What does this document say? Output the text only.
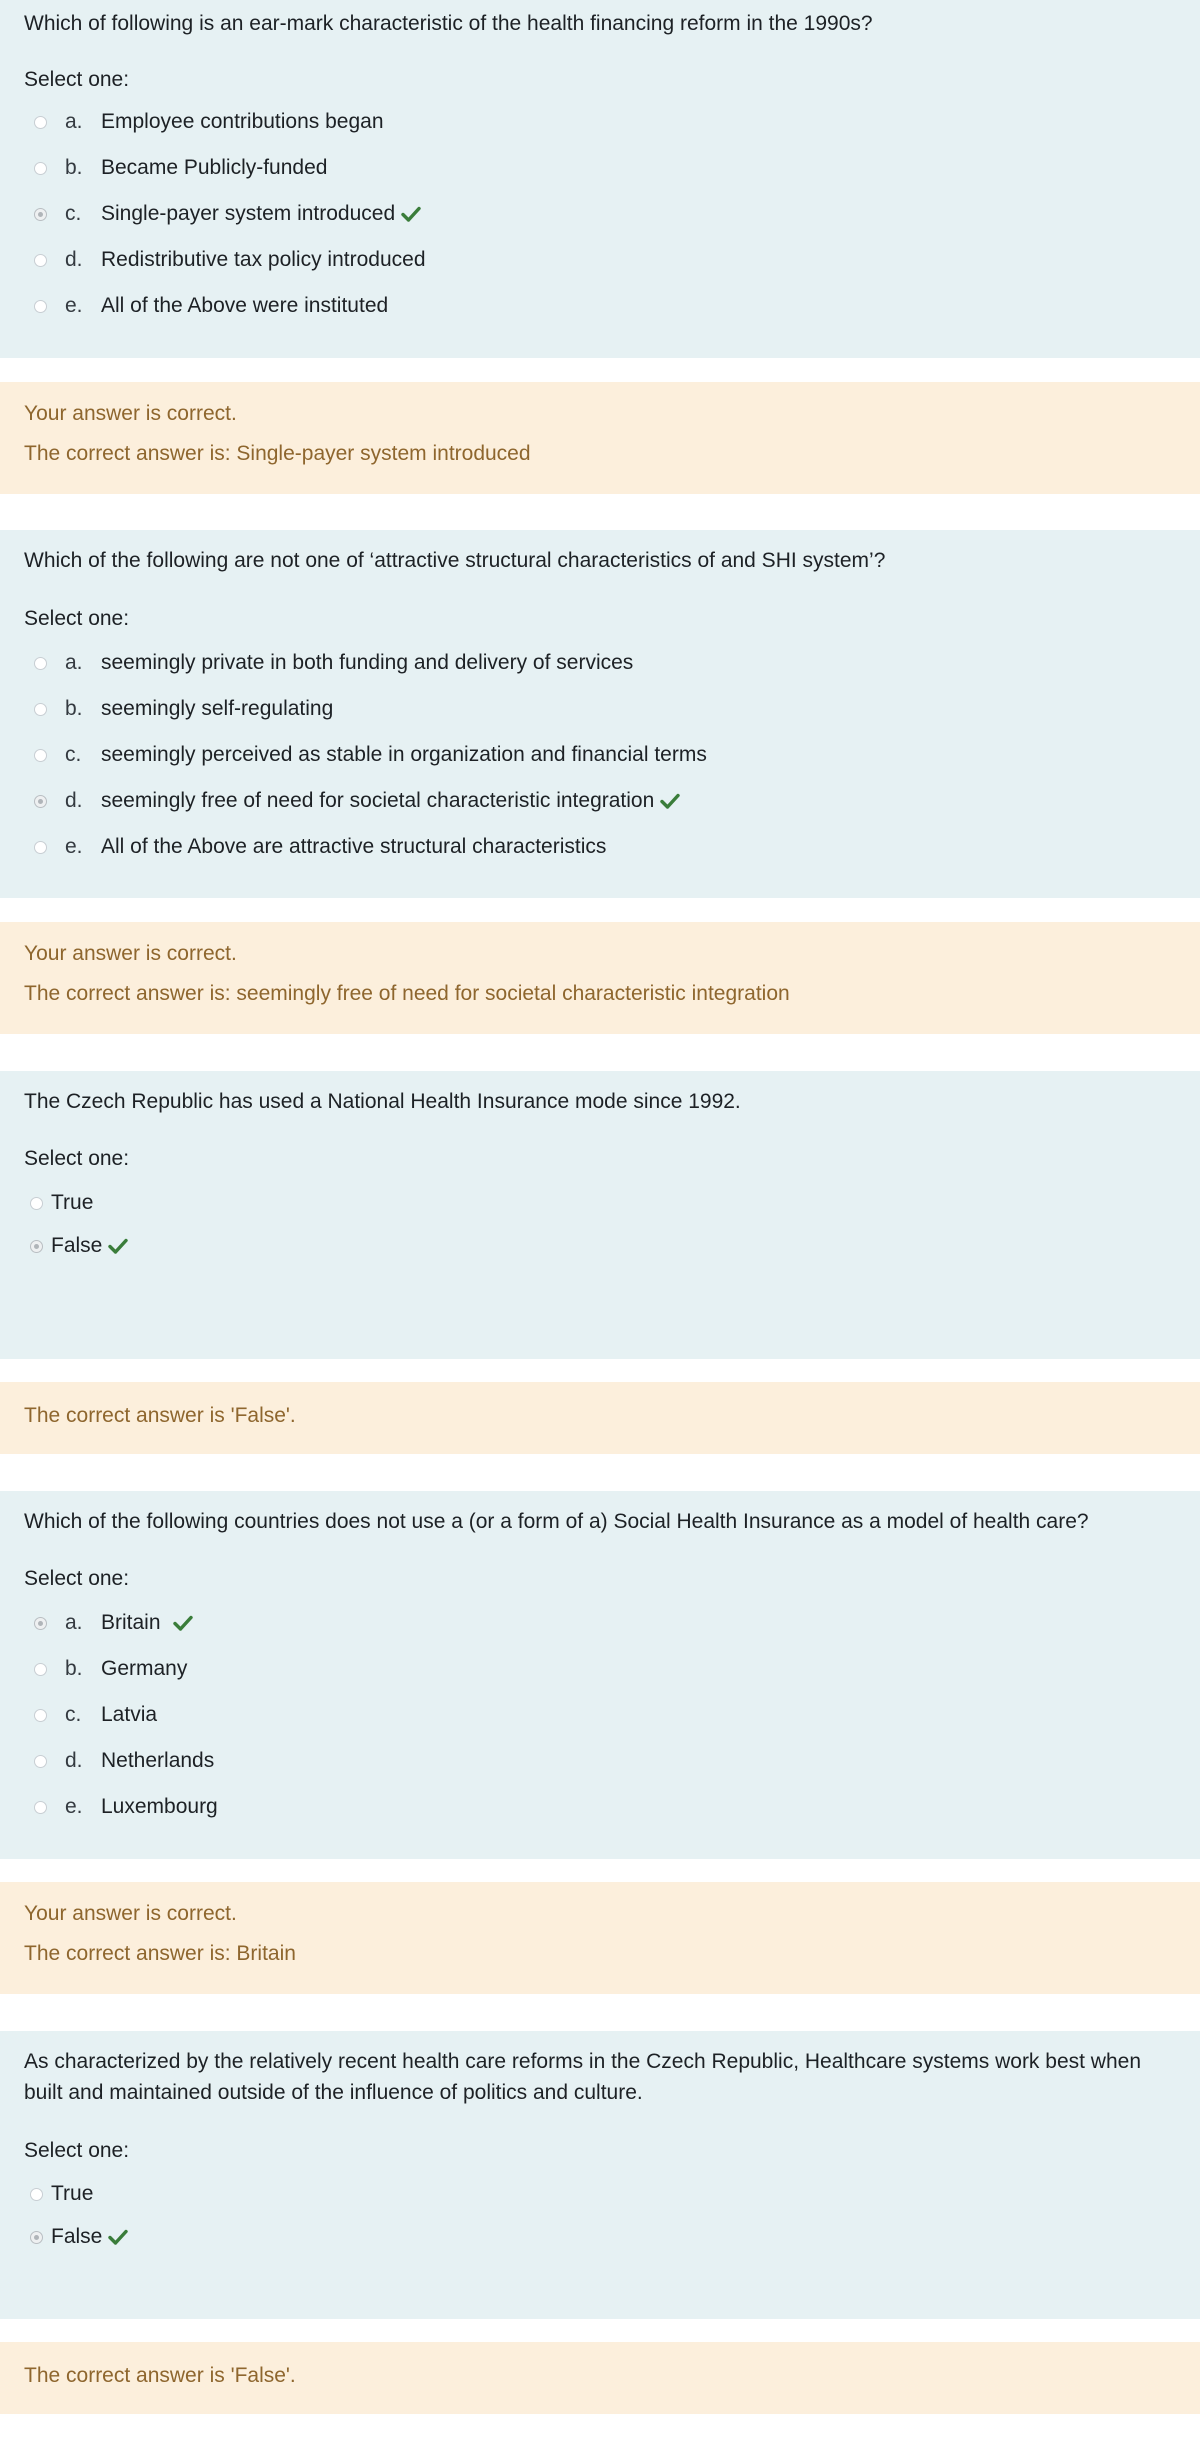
Which of following is an ear-mark characteristic of the health financing reform in the 1990s?

Select one:

a. Employee contributions began
b. Became Publicly-funded
c. Single-payer system introduced
d. Redistributive tax policy introduced
e. All of the Above were instituted
Your answer is correct.
The correct answer is: Single-payer system introduced

Which of the following are not one of ‘attractive structural characteristics of and SHI system’?

Select one:

a. seemingly private in both funding and delivery of services
b. seemingly self-regulating
c. seemingly perceived as stable in organization and financial terms
d. seemingly free of need for societal characteristic integration
e. All of the Above are attractive structural characteristics
Your answer is correct.
The correct answer is: seemingly free of need for societal characteristic integration

The Czech Republic has used a National Health Insurance mode since 1992.

Select one:

True
False
The correct answer is 'False'.

Which of the following countries does not use a (or a form of a) Social Health Insurance as a model of health care?

Select one:

a. Britain
b. Germany
c. Latvia
d. Netherlands
e. Luxembourg
Your answer is correct.
The correct answer is: Britain

As characterized by the relatively recent health care reforms in the Czech Republic, Healthcare systems work best when built and maintained outside of the influence of politics and culture.

Select one:

True
False
The correct answer is 'False'.
